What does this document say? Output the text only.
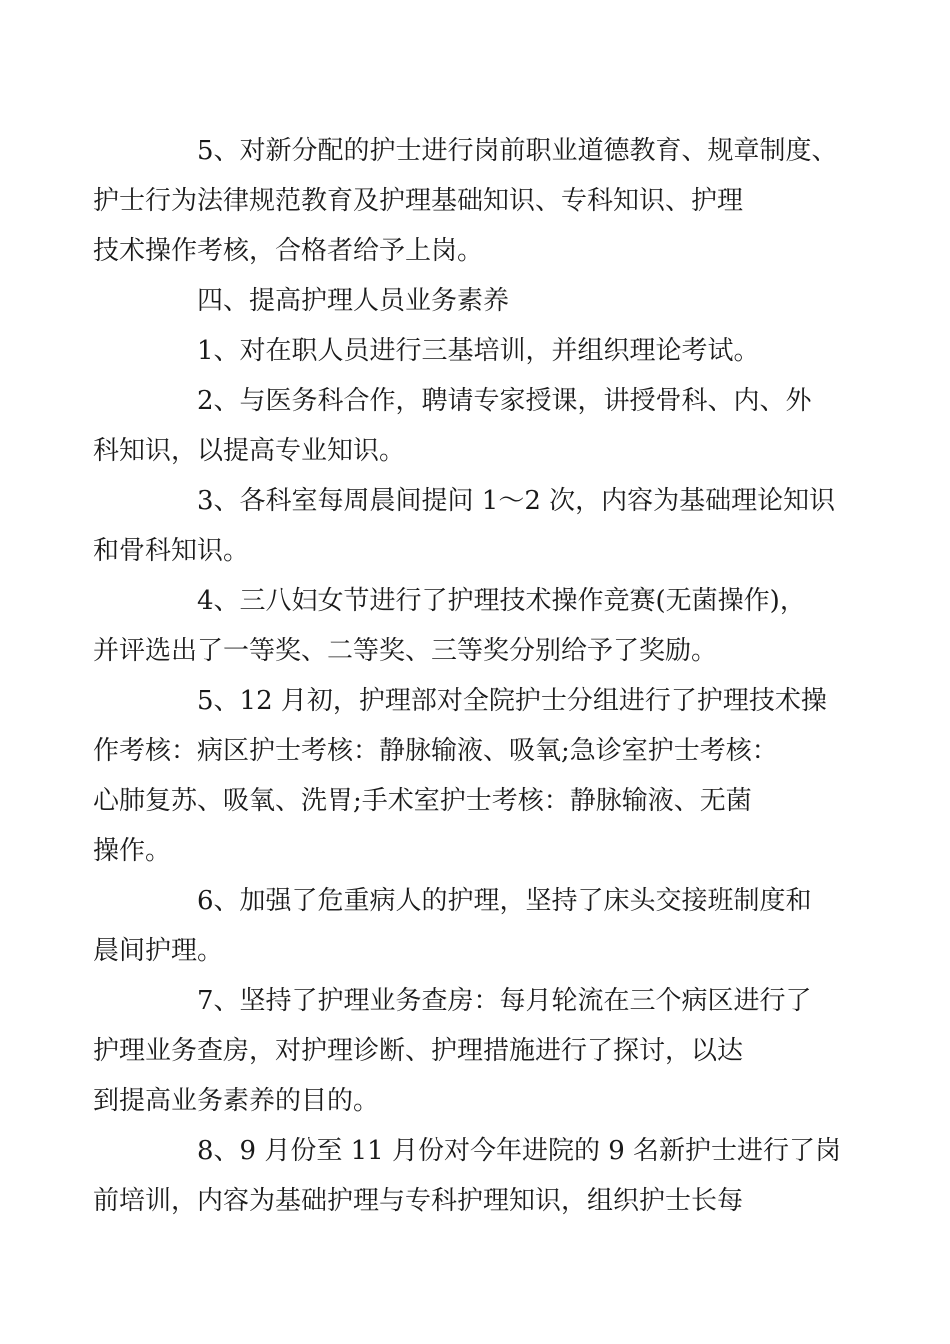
5、对新分配的护士进行岗前职业道德教育、规章制度、
护士行为法律规范教育及护理基础知识、专科知识、护理
技术操作考核，合格者给予上岗。

四、提高护理人员业务素养

1、对在职人员进行三基培训，并组织理论考试。

2、与医务科合作，聘请专家授课，讲授骨科、内、外
科知识，以提高专业知识。

3、各科室每周晨间提问 1～2 次，内容为基础理论知识
和骨科知识。

4、三八妇女节进行了护理技术操作竞赛(无菌操作)，
并评选出了一等奖、二等奖、三等奖分别给予了奖励。

5、12 月初，护理部对全院护士分组进行了护理技术操
作考核：病区护士考核：静脉输液、吸氧;急诊室护士考核：
心肺复苏、吸氧、洗胃;手术室护士考核：静脉输液、无菌
操作。

6、加强了危重病人的护理，坚持了床头交接班制度和
晨间护理。

7、坚持了护理业务查房：每月轮流在三个病区进行了
护理业务查房，对护理诊断、护理措施进行了探讨，以达
到提高业务素养的目的。

8、9 月份至 11 月份对今年进院的 9 名新护士进行了岗
前培训，内容为基础护理与专科护理知识，组织护士长每
